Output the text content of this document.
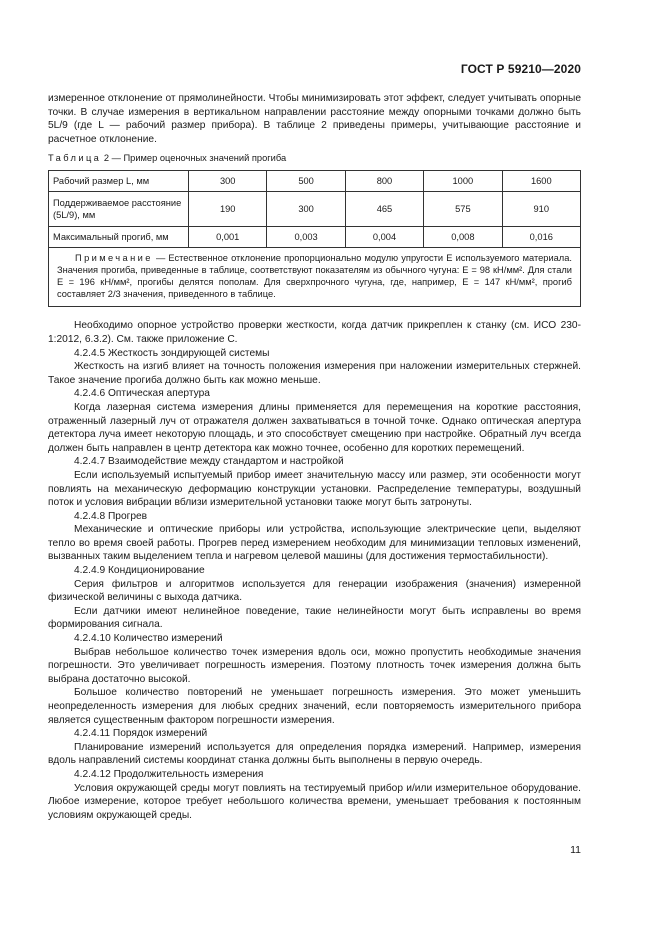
ГОСТ Р 59210—2020

измеренное отклонение от прямолинейности. Чтобы минимизировать этот эффект, следует учитывать опорные точки. В случае измерения в вертикальном направлении расстояние между опорными точками должно быть 5L/9 (где L — рабочий размер прибора). В таблице 2 приведены примеры, учитывающие расстояние и расчетное отклонение.

Таблица 2 — Пример оценочных значений прогиба
Рабочий размер L, мм	300	500	800	1000	1600
Поддерживаемое расстояние (5L/9), мм	190	300	465	575	910
Максимальный прогиб, мм	0,001	0,003	0,004	0,008	0,016
Примечание — Естественное отклонение пропорционально модулю упругости E используемого материала. Значения прогиба, приведенные в таблице, соответствуют показателям из обычного чугуна: E = 98 кН/мм². Для стали E = 196 кН/мм², прогибы делятся пополам. Для сверхпрочного чугуна, где, например, E = 147 кН/мм², прогиб составляет 2/3 значения, приведенного в таблице.					

Необходимо опорное устройство проверки жесткости, когда датчик прикреплен к станку (см. ИСО 230-1:2012, 6.3.2). См. также приложение С.

4.2.4.5 Жесткость зондирующей системы

Жесткость на изгиб влияет на точность положения измерения при наложении измерительных стержней. Такое значение прогиба должно быть как можно меньше.

4.2.4.6 Оптическая апертура

Когда лазерная система измерения длины применяется для перемещения на короткие расстояния, отраженный лазерный луч от отражателя должен захватываться в точной точке. Однако оптическая апертура детектора луча имеет некоторую площадь, и это способствует смещению при настройке. Обратный луч всегда должен быть направлен в центр детектора как можно точнее, особенно для коротких перемещений.

4.2.4.7 Взаимодействие между стандартом и настройкой

Если используемый испытуемый прибор имеет значительную массу или размер, эти особенности могут повлиять на механическую деформацию конструкции установки. Распределение температуры, воздушный поток и условия вибрации вблизи измерительной установки также могут быть затронуты.

4.2.4.8 Прогрев

Механические и оптические приборы или устройства, использующие электрические цепи, выделяют тепло во время своей работы. Прогрев перед измерением необходим для минимизации тепловых изменений, вызванных таким выделением тепла и нагревом целевой машины (для достижения термостабильности).

4.2.4.9 Кондиционирование

Серия фильтров и алгоритмов используется для генерации изображения (значения) измеренной физической величины с выхода датчика.

Если датчики имеют нелинейное поведение, такие нелинейности могут быть исправлены во время формирования сигнала.

4.2.4.10 Количество измерений

Выбрав небольшое количество точек измерения вдоль оси, можно пропустить необходимые значения погрешности. Это увеличивает погрешность измерения. Поэтому плотность точек измерения должна быть выбрана достаточно высокой.

Большое количество повторений не уменьшает погрешность измерения. Это может уменьшить неопределенность измерения для любых средних значений, если повторяемость измерительного прибора является существенным фактором погрешности измерения.

4.2.4.11 Порядок измерений

Планирование измерений используется для определения порядка измерений. Например, измерения вдоль направлений системы координат станка должны быть выполнены в первую очередь.

4.2.4.12 Продолжительность измерения

Условия окружающей среды могут повлиять на тестируемый прибор и/или измерительное оборудование. Любое измерение, которое требует небольшого количества времени, уменьшает требования к постоянным условиям окружающей среды.

11
